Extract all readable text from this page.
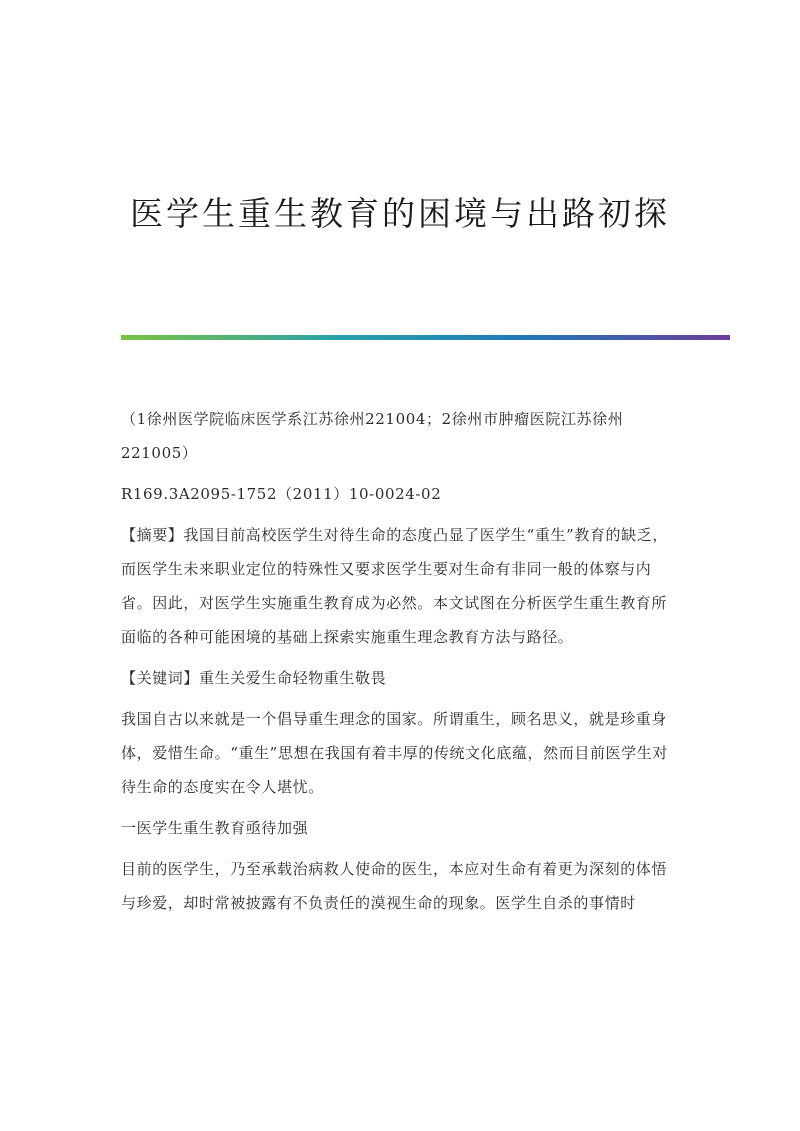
医学生重生教育的困境与出路初探

（1徐州医学院临床医学系江苏徐州221004；2徐州市肿瘤医院江苏徐州221005）

R169.3A2095-1752（2011）10-0024-02

【摘要】我国目前高校医学生对待生命的态度凸显了医学生“重生”教育的缺乏，而医学生未来职业定位的特殊性又要求医学生要对生命有非同一般的体察与内省。因此，对医学生实施重生教育成为必然。本文试图在分析医学生重生教育所面临的各种可能困境的基础上探索实施重生理念教育方法与路径。

【关键词】重生关爱生命轻物重生敬畏

我国自古以来就是一个倡导重生理念的国家。所谓重生，顾名思义，就是珍重身体，爱惜生命。“重生”思想在我国有着丰厚的传统文化底蕴，然而目前医学生对待生命的态度实在令人堪忧。

一医学生重生教育亟待加强

目前的医学生，乃至承载治病救人使命的医生，本应对生命有着更为深刻的体悟与珍爱，却时常被披露有不负责任的漠视生命的现象。医学生自杀的事情时
